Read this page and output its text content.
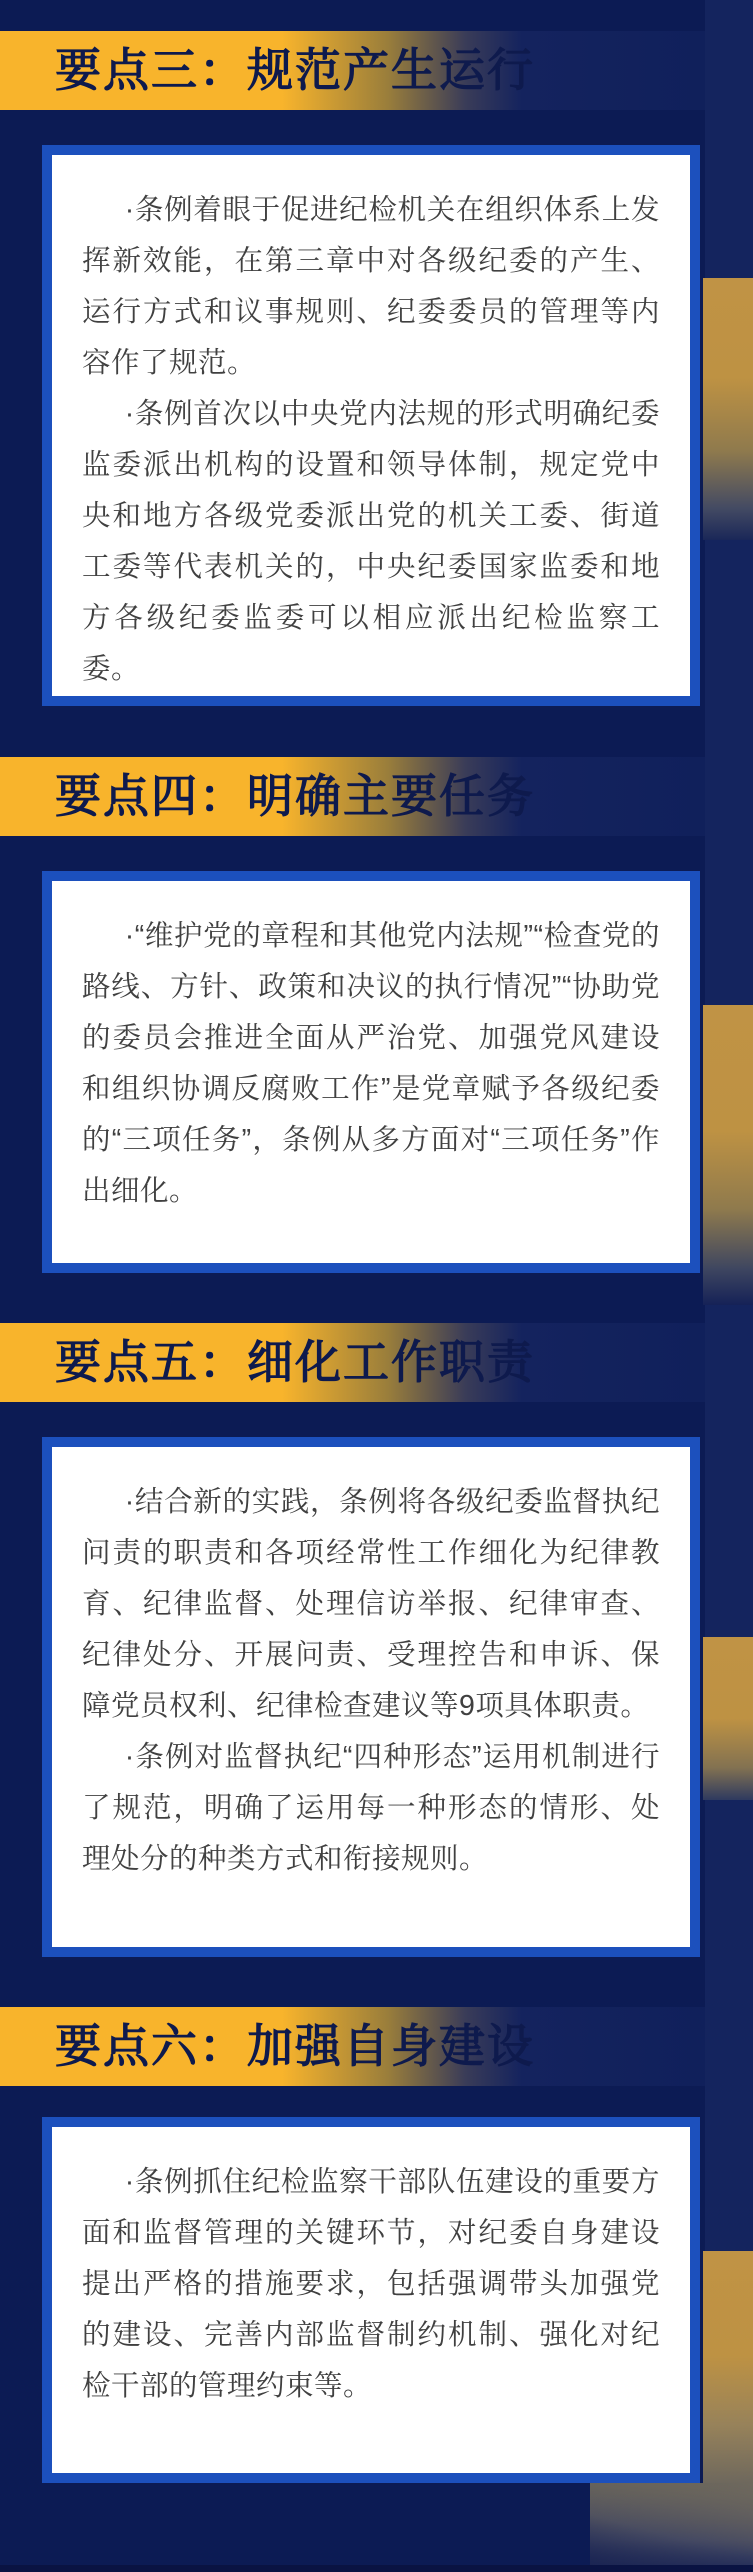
要点三：规范产生运行

·条例着眼于促进纪检机关在组织体系上发挥新效能，在第三章中对各级纪委的产生、运行方式和议事规则、纪委委员的管理等内容作了规范。

·条例首次以中央党内法规的形式明确纪委监委派出机构的设置和领导体制，规定党中央和地方各级党委派出党的机关工委、街道工委等代表机关的，中央纪委国家监委和地方各级纪委监委可以相应派出纪检监察工委。

要点四：明确主要任务

·“维护党的章程和其他党内法规”“检查党的路线、方针、政策和决议的执行情况”“协助党的委员会推进全面从严治党、加强党风建设和组织协调反腐败工作”是党章赋予各级纪委的“三项任务”，条例从多方面对“三项任务”作出细化。

要点五：细化工作职责

·结合新的实践，条例将各级纪委监督执纪问责的职责和各项经常性工作细化为纪律教育、纪律监督、处理信访举报、纪律审查、纪律处分、开展问责、受理控告和申诉、保障党员权利、纪律检查建议等9项具体职责。

·条例对监督执纪“四种形态”运用机制进行了规范，明确了运用每一种形态的情形、处理处分的种类方式和衔接规则。

要点六：加强自身建设

·条例抓住纪检监察干部队伍建设的重要方面和监督管理的关键环节，对纪委自身建设提出严格的措施要求，包括强调带头加强党的建设、完善内部监督制约机制、强化对纪检干部的管理约束等。
